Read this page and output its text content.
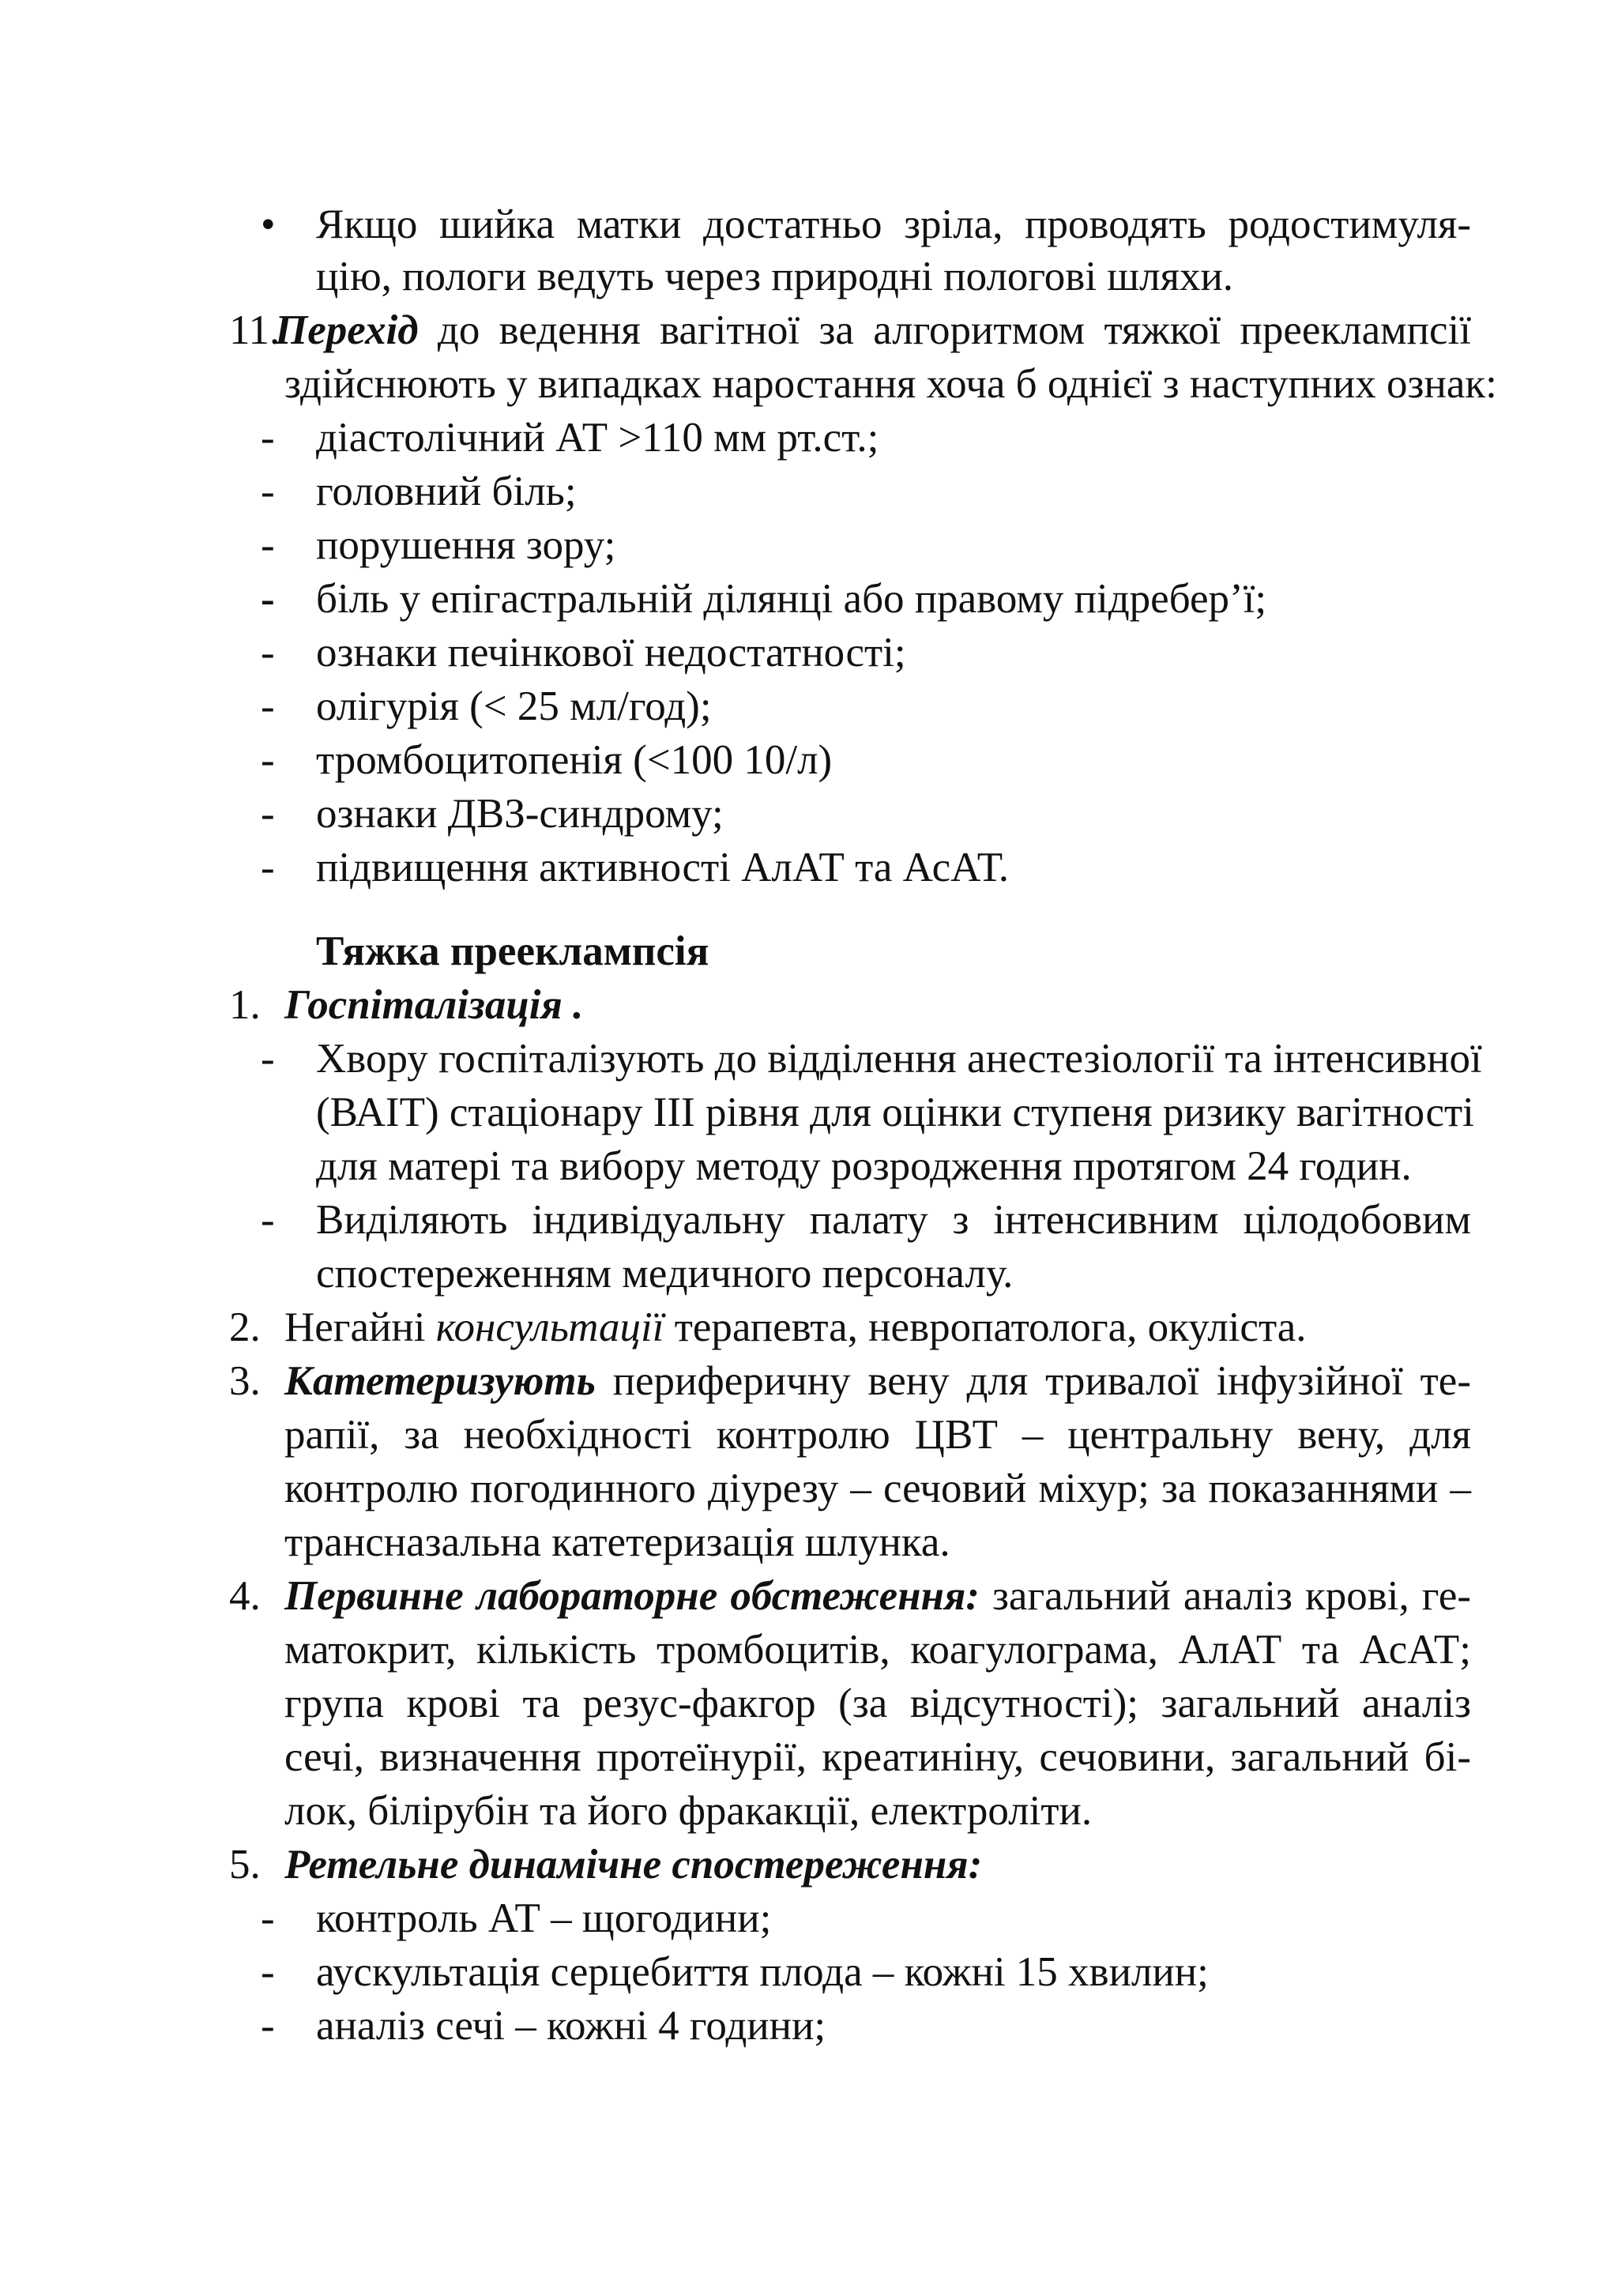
• Якщо шийка матки достатньо зріла, проводять родостимуля-
цію, пологи ведуть через природні пологові шляхи.
11.
Перехід до ведення вагітної за алгоритмом тяжкої прееклампсії
здійснюють у випадках наростання хоча б однієї з наступних ознак:
- діастолічний АТ >110 мм рт.ст.;
- головний біль;
- порушення зору;
- біль у епігастральній ділянці або правому підребер’ї;
- ознаки печінкової недостатності;
- олігурія (< 25 мл/год);
- тромбоцитопенія (<100 10/л)
- ознаки ДВЗ-синдрому;
- підвищення активності АлАТ та АсАТ.
Тяжка прееклампсія
1. Госпіталізація .
- Хвору госпіталізують до відділення анестезіології та інтенсивної
(ВАІТ) стаціонару ІІІ рівня для оцінки ступеня ризику вагітності
для матері та вибору методу розродження протягом 24 годин.
- Виділяють індивідуальну палату з інтенсивним цілодобовим
спостереженням медичного персоналу.
2. Негайні консультації терапевта, невропатолога, окуліста.
3. Катетеризують периферичну вену для тривалої інфузійної те-
рапії, за необхідності контролю ЦВТ – центральну вену, для
контролю погодинного діурезу – сечовий міхур; за показаннями –
трансназальна катетеризація шлунка.
4. Первинне лабораторне обстеження: загальний аналіз крові, ге-
матокрит, кількість тромбоцитів, коагулограма, АлАТ та АсАТ;
група крові та резус-факгор (за відсутності); загальний аналіз
сечі, визначення протеїнурії, креатиніну, сечовини, загальний бі-
лок, білірубін та його фракакції, електроліти.
5. Ретельне динамічне спостереження:
- контроль АТ – щогодини;
- аускультація серцебиття плода – кожні 15 хвилин;
- аналіз сечі – кожні 4 години;
